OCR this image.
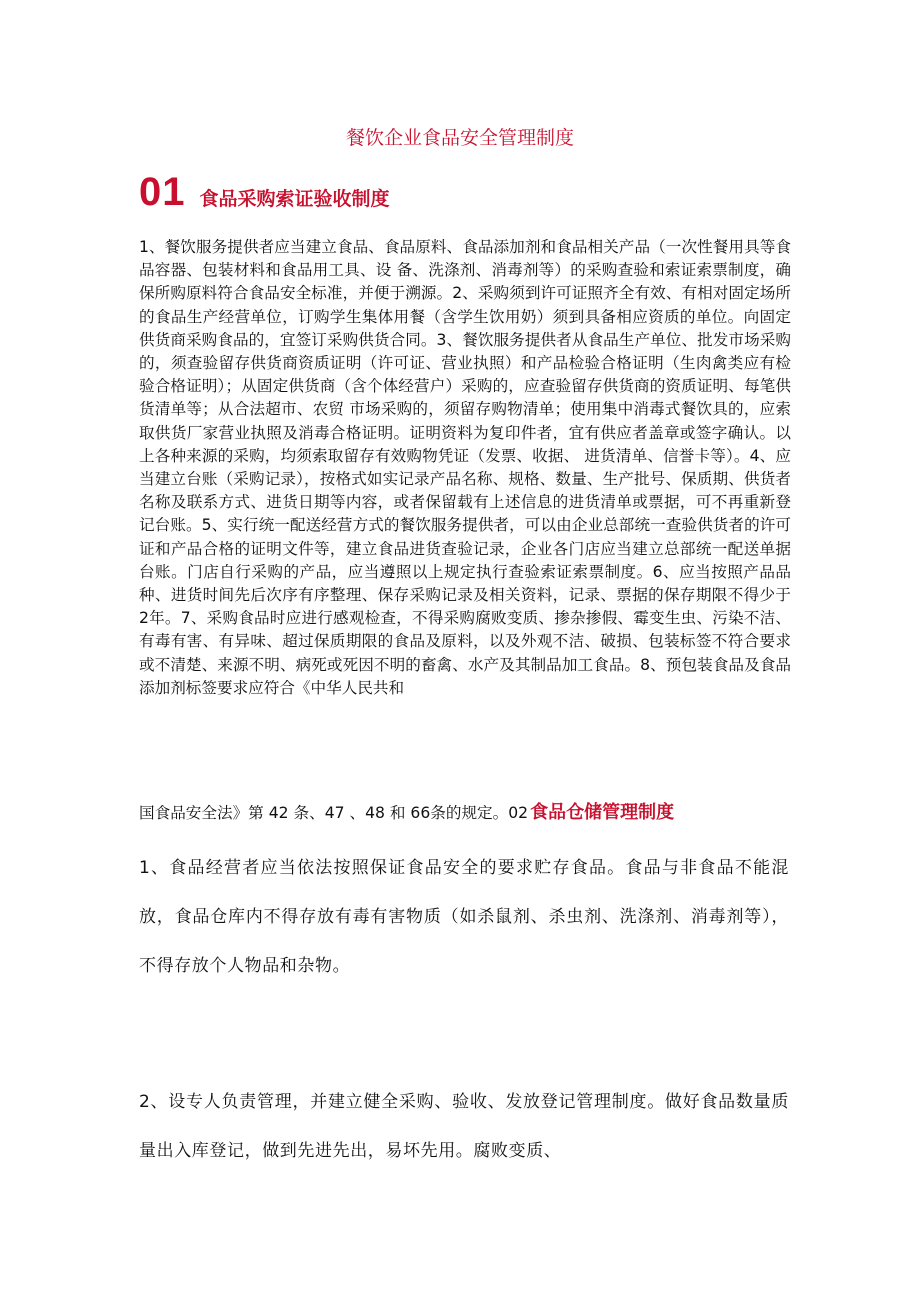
餐饮企业食品安全管理制度
01 食品采购索证验收制度
1、餐饮服务提供者应当建立食品、食品原料、食品添加剂和食品相关产品（一次性餐用具等食品容器、包装材料和食品用工具、设 备、洗涤剂、消毒剂等）的采购查验和索证索票制度，确保所购原料符合食品安全标准，并便于溯源。2、采购须到许可证照齐全有效、有相对固定场所的食品生产经营单位，订购学生集体用餐（含学生饮用奶）须到具备相应资质的单位。向固定供货商采购食品的，宜签订采购供货合同。3、餐饮服务提供者从食品生产单位、批发市场采购的，须查验留存供货商资质证明（许可证、营业执照）和产品检验合格证明（生肉禽类应有检验合格证明）；从固定供货商（含个体经营户）采购的，应查验留存供货商的资质证明、每笔供货清单等；从合法超市、农贸 市场采购的，须留存购物清单；使用集中消毒式餐饮具的，应索取供货厂家营业执照及消毒合格证明。证明资料为复印件者，宜有供应者盖章或签字确认。以上各种来源的采购，均须索取留存有效购物凭证（发票、收据、 进货清单、信誉卡等）。4、应当建立台账（采购记录），按格式如实记录产品名称、规格、数量、生产批号、保质期、供货者名称及联系方式、进货日期等内容，或者保留载有上述信息的进货清单或票据，可不再重新登记台账。5、实行统一配送经营方式的餐饮服务提供者，可以由企业总部统一查验供货者的许可证和产品合格的证明文件等，建立食品进货查验记录，企业各门店应当建立总部统一配送单据台账。门店自行采购的产品，应当遵照以上规定执行查验索证索票制度。6、应当按照产品品种、进货时间先后次序有序整理、保存采购记录及相关资料，记录、票据的保存期限不得少于 2年。7、采购食品时应进行感观检查，不得采购腐败变质、掺杂掺假、霉变生虫、污染不洁、有毒有害、有异味、超过保质期限的食品及原料，以及外观不洁、破损、包装标签不符合要求或不清楚、来源不明、病死或死因不明的畜禽、水产及其制品加工食品。8、预包装食品及食品添加剂标签要求应符合《中华人民共和
国食品安全法》第 42 条、47 、48 和 66条的规定。02 食品仓储管理制度
1、食品经营者应当依法按照保证食品安全的要求贮存食品。食品与非食品不能混放，食品仓库内不得存放有毒有害物质（如杀鼠剂、杀虫剂、洗涤剂、消毒剂等），不得存放个人物品和杂物。
2、设专人负责管理，并建立健全采购、验收、发放登记管理制度。做好食品数量质量出入库登记，做到先进先出，易坏先用。腐败变质、
